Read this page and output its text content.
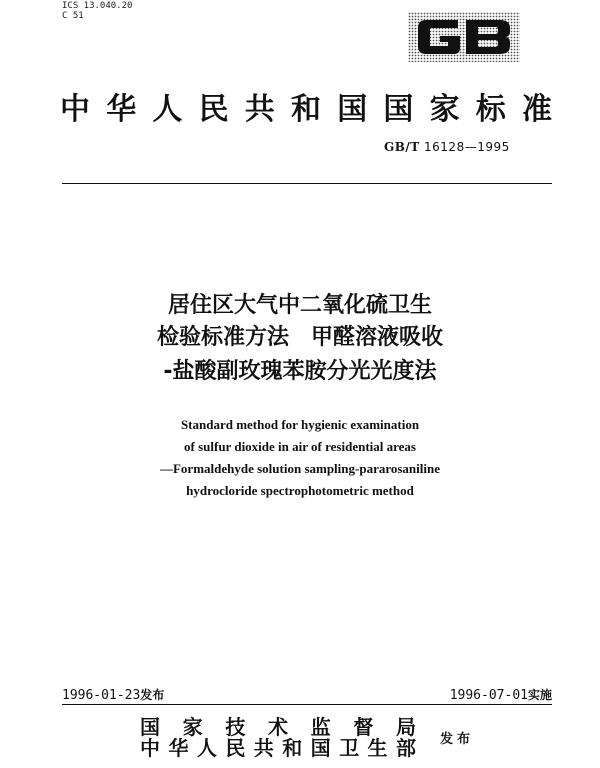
ICS 13.040.20
C 51
中华人民共和国国家标准
GB/T 16128—1995
居住区大气中二氧化硫卫生
检验标准方法　甲醛溶液吸收
-盐酸副玫瑰苯胺分光光度法
Standard method for hygienic examination
of sulfur dioxide in air of residential areas
—Formaldehyde solution sampling-pararosaniline
hydrocloride spectrophotometric method
1996-01-23发布	1996-07-01实施
国家技术监督局
中华人民共和国卫生部 发布
